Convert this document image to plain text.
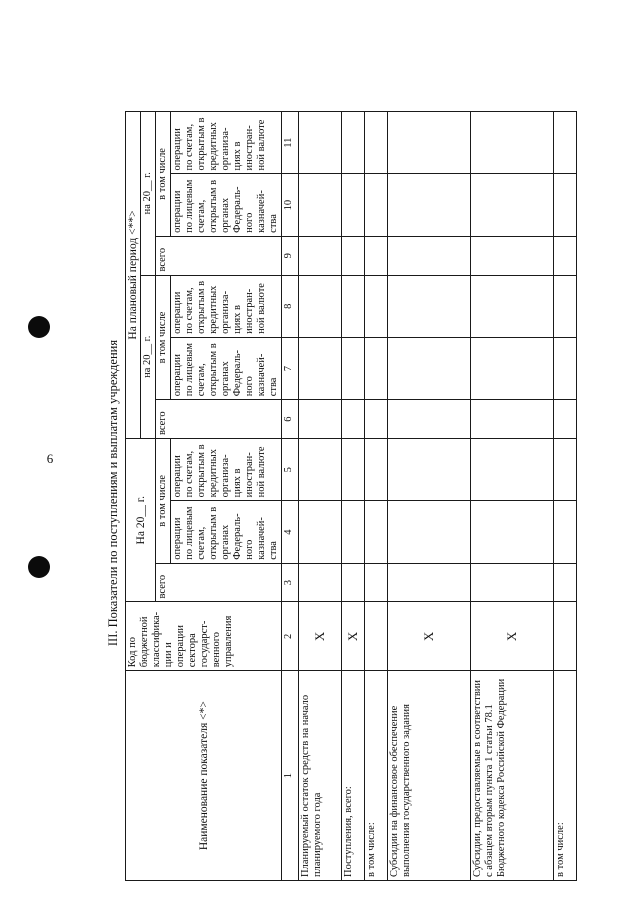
6	III. Показатели по поступлениям и выплатам учреждения
Наименование показателя <*>	Код по бюджетной классифика-ции и операции сектора государст-венного управления	На 20__ г.			На плановый период <**>					
					на 20__ г.			на 20__ г.		
		всего	в том числе		всего	в том числе		всего	в том числе	
			операции по лицевым счетам, открытым в органах Федераль-ного казначей-ства	операции по счетам, открытым в кредитных организа-циях в иностран-ной валюте		операции по лицевым счетам, открытым в органах Федераль-ного казначей-ства	операции по счетам, открытым в кредитных организа-циях в иностран-ной валюте		операции по лицевым счетам, открытым в органах Федераль-ного казначей-ства	операции по счетам, открытым в кредитных организа-циях в иностран-ной валюте
1	2	3	4	5	6	7	8	9	10	11
Планируемый остаток средств на начало планируемого года	Х									
Поступления, всего:	Х									
в том числе:										
Субсидии на финансовое обеспечение выполнения государственного задания	Х									
Субсидии, предоставляемые в соответствии с абзацем вторым пункта 1 статьи 78.1 Бюджетного кодекса Российской Федерации	Х									
в том числе:										
